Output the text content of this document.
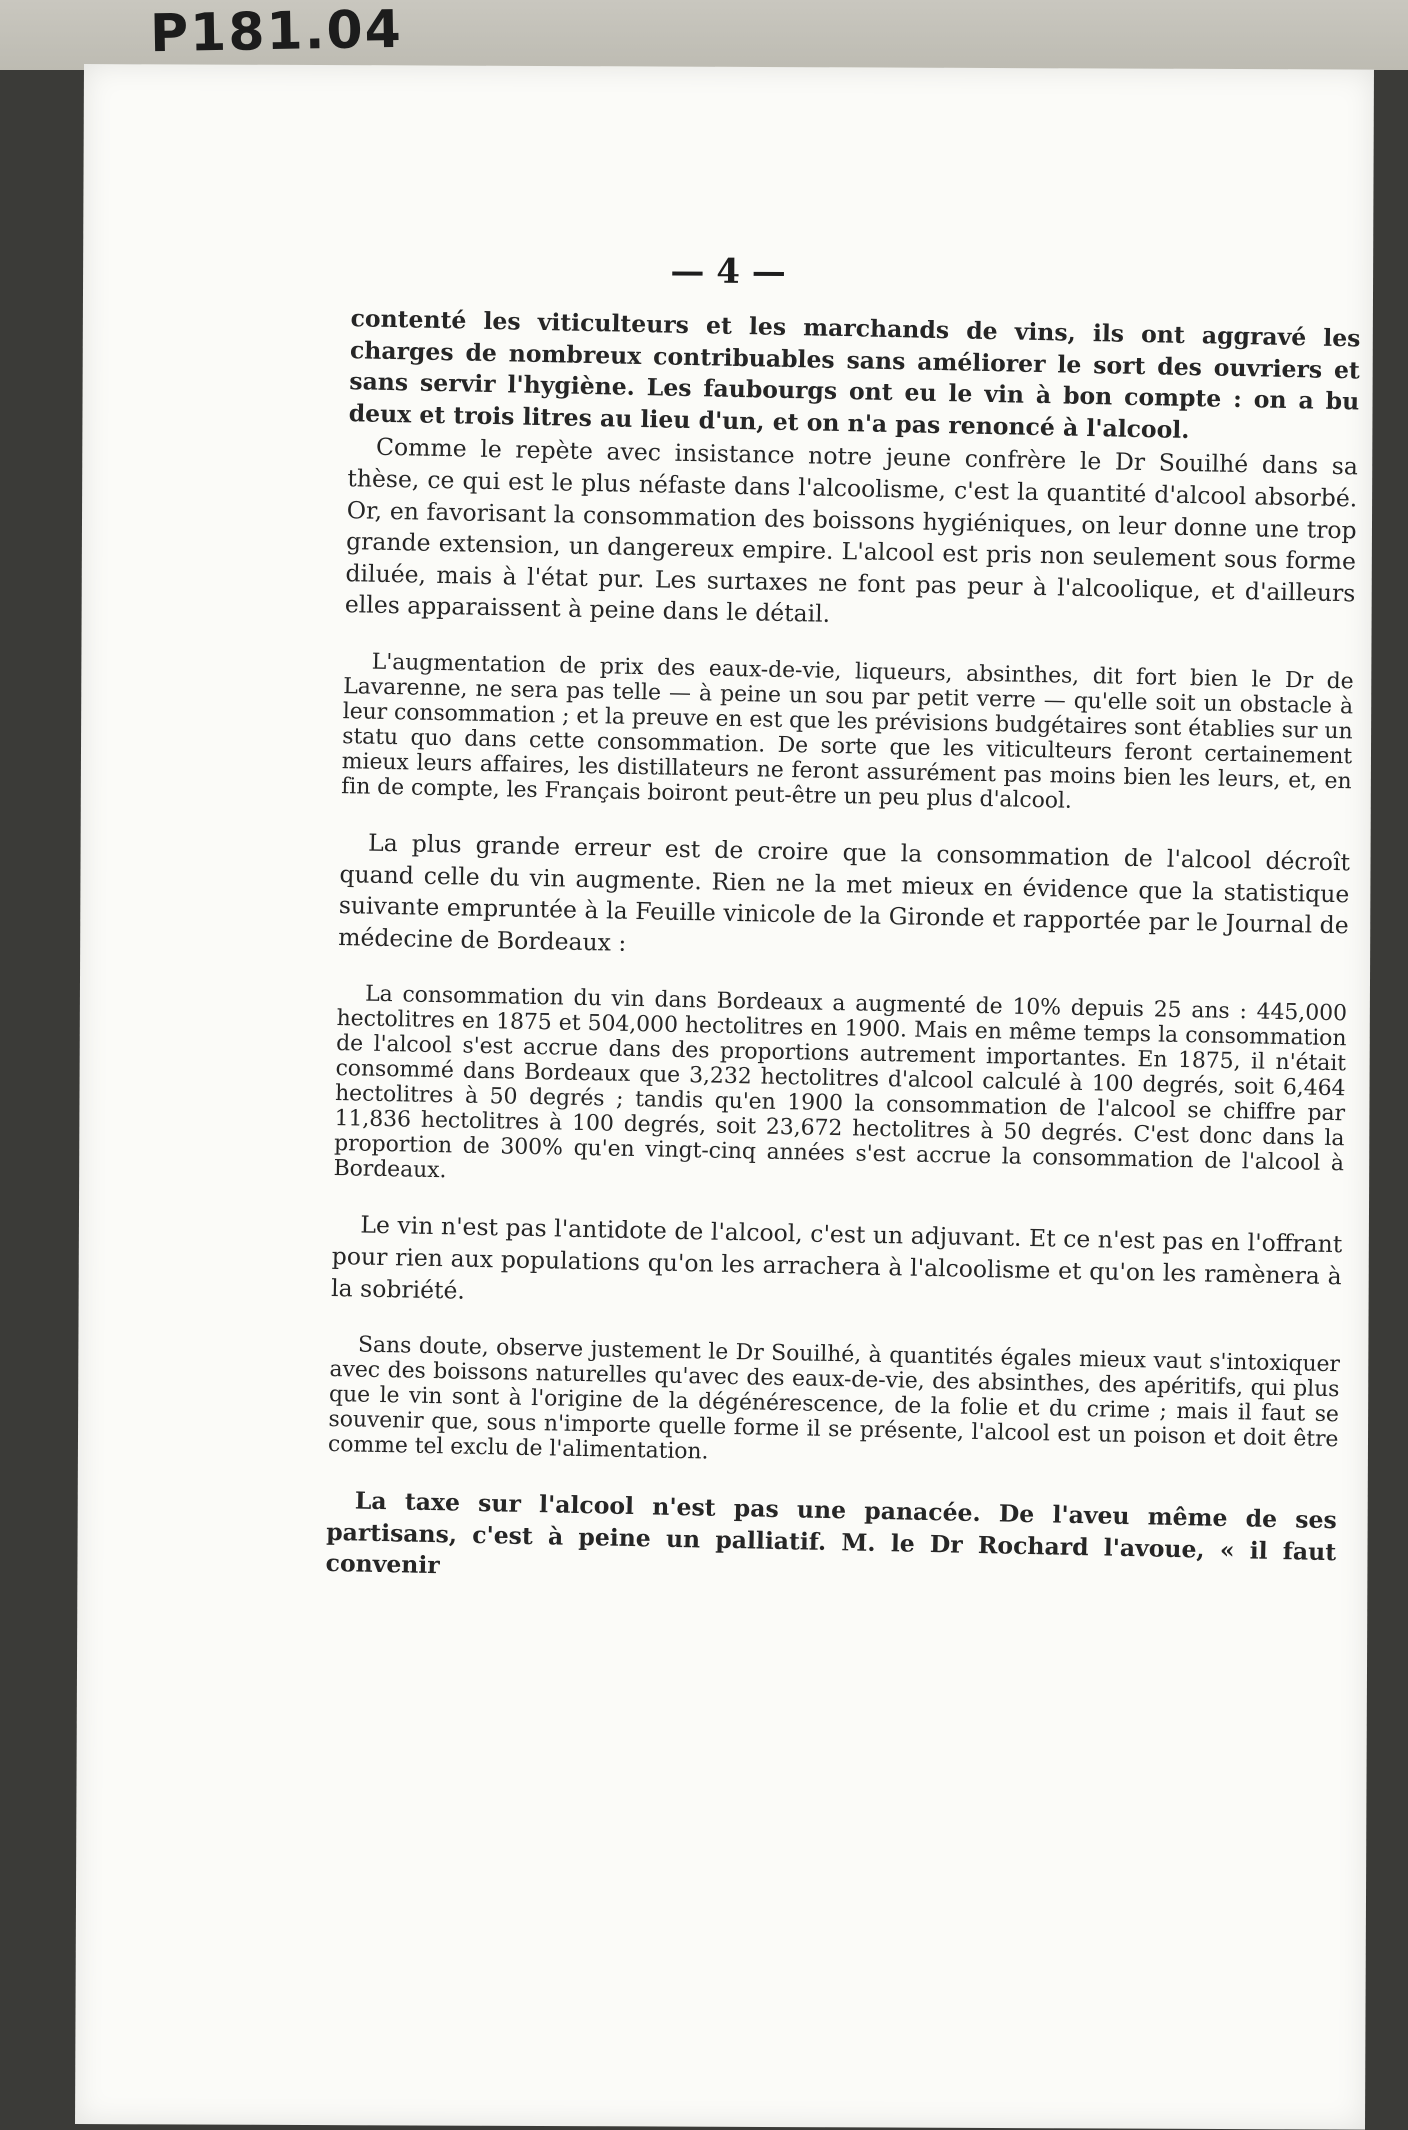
P181.04
— 4 —

contenté les viticulteurs et les marchands de vins, ils ont aggravé les charges de nombreux contribuables sans améliorer le sort des ouvriers et sans servir l'hygiène. Les faubourgs ont eu le vin à bon compte : on a bu deux et trois litres au lieu d'un, et on n'a pas renoncé à l'alcool.

Comme le repète avec insistance notre jeune confrère le Dr Souilhé dans sa thèse, ce qui est le plus néfaste dans l'alcoolisme, c'est la quantité d'alcool absorbé. Or, en favorisant la consommation des boissons hygiéniques, on leur donne une trop grande extension, un dangereux empire. L'alcool est pris non seulement sous forme diluée, mais à l'état pur. Les surtaxes ne font pas peur à l'alcoolique, et d'ailleurs elles apparaissent à peine dans le détail.

L'augmentation de prix des eaux-de-vie, liqueurs, absinthes, dit fort bien le Dr de Lavarenne, ne sera pas telle — à peine un sou par petit verre — qu'elle soit un obstacle à leur consommation ; et la preuve en est que les prévisions budgétaires sont établies sur un statu quo dans cette consommation. De sorte que les viticulteurs feront certainement mieux leurs affaires, les distillateurs ne feront assurément pas moins bien les leurs, et, en fin de compte, les Français boiront peut-être un peu plus d'alcool.

La plus grande erreur est de croire que la consommation de l'alcool décroît quand celle du vin augmente. Rien ne la met mieux en évidence que la statistique suivante empruntée à la Feuille vinicole de la Gironde et rapportée par le Journal de médecine de Bordeaux :

La consommation du vin dans Bordeaux a augmenté de 10% depuis 25 ans : 445,000 hectolitres en 1875 et 504,000 hectolitres en 1900. Mais en même temps la consommation de l'alcool s'est accrue dans des proportions autrement importantes. En 1875, il n'était consommé dans Bordeaux que 3,232 hectolitres d'alcool calculé à 100 degrés, soit 6,464 hectolitres à 50 degrés ; tandis qu'en 1900 la consommation de l'alcool se chiffre par 11,836 hectolitres à 100 degrés, soit 23,672 hectolitres à 50 degrés. C'est donc dans la proportion de 300% qu'en vingt-cinq années s'est accrue la consommation de l'alcool à Bordeaux.

Le vin n'est pas l'antidote de l'alcool, c'est un adjuvant. Et ce n'est pas en l'offrant pour rien aux populations qu'on les arrachera à l'alcoolisme et qu'on les ramènera à la sobriété.

Sans doute, observe justement le Dr Souilhé, à quantités égales mieux vaut s'intoxiquer avec des boissons naturelles qu'avec des eaux-de-vie, des absinthes, des apéritifs, qui plus que le vin sont à l'origine de la dégénérescence, de la folie et du crime ; mais il faut se souvenir que, sous n'importe quelle forme il se présente, l'alcool est un poison et doit être comme tel exclu de l'alimentation.

La taxe sur l'alcool n'est pas une panacée. De l'aveu même de ses partisans, c'est à peine un palliatif. M. le Dr Rochard l'avoue, « il faut convenir
